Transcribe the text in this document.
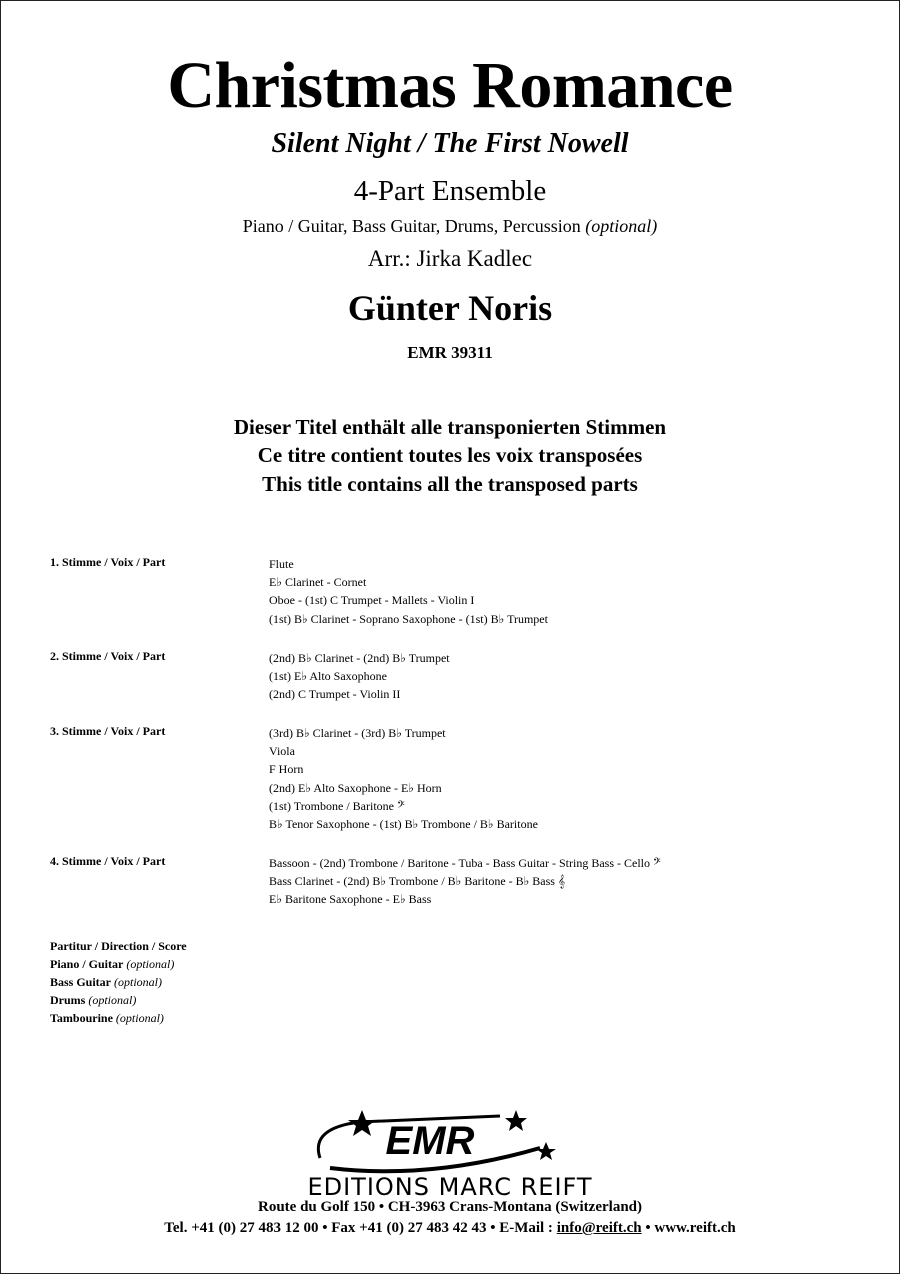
Christmas Romance
Silent Night / The First Nowell
4-Part Ensemble
Piano / Guitar, Bass Guitar, Drums, Percussion (optional)
Arr.: Jirka Kadlec
Günter Noris
EMR 39311
Dieser Titel enthält alle transponierten Stimmen
Ce titre contient toutes les voix transposées
This title contains all the transposed parts
1. Stimme / Voix / Part	Flute
E♭ Clarinet - Cornet
Oboe - (1st) C Trumpet - Mallets - Violin I
(1st) B♭ Clarinet - Soprano Saxophone - (1st) B♭ Trumpet
2. Stimme / Voix / Part	(2nd) B♭ Clarinet - (2nd) B♭ Trumpet
(1st) E♭ Alto Saxophone
(2nd) C Trumpet - Violin II
3. Stimme / Voix / Part	(3rd) B♭ Clarinet - (3rd) B♭ Trumpet
Viola
F Horn
(2nd) E♭ Alto Saxophone - E♭ Horn
(1st) Trombone / Baritone 𝄢
B♭ Tenor Saxophone - (1st) B♭ Trombone / B♭ Baritone
4. Stimme / Voix / Part	Bassoon - (2nd) Trombone / Baritone - Tuba - Bass Guitar - String Bass - Cello 𝄢
Bass Clarinet - (2nd) B♭ Trombone / B♭ Baritone - B♭ Bass 𝄞
E♭ Baritone Saxophone - E♭ Bass
Partitur / Direction / Score
Piano / Guitar (optional)
Bass Guitar (optional)
Drums (optional)
Tambourine (optional)
EMR
EDITIONS MARC REIFT
Route du Golf 150 • CH-3963 Crans-Montana (Switzerland)
Tel. +41 (0) 27 483 12 00 • Fax +41 (0) 27 483 42 43 • E-Mail : info@reift.ch • www.reift.ch
